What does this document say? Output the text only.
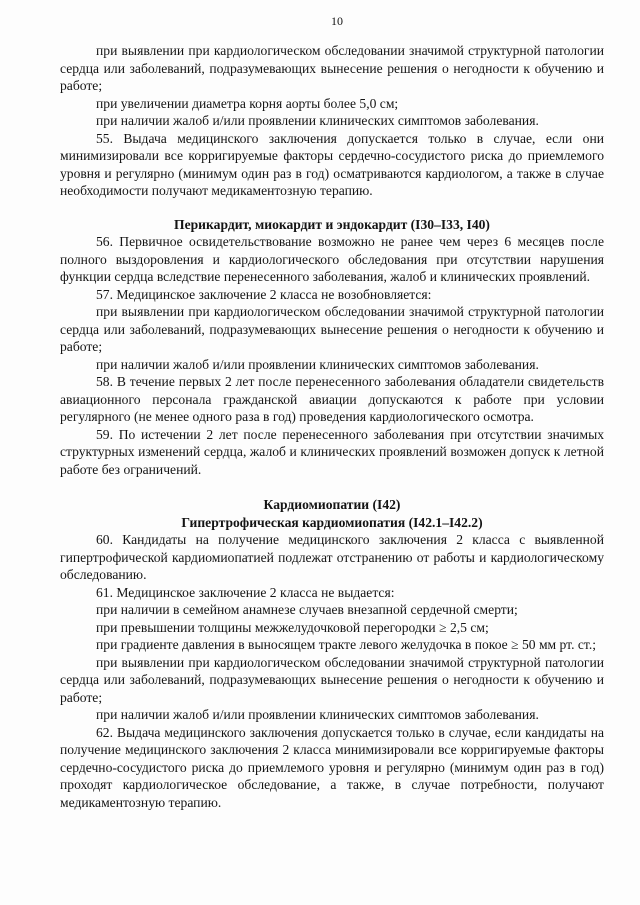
10

при выявлении при кардиологическом обследовании значимой структурной патологии сердца или заболеваний, подразумевающих вынесение решения о негодности к обучению и работе;

при увеличении диаметра корня аорты более 5,0 см;

при наличии жалоб и/или проявлении клинических симптомов заболевания.

55. Выдача медицинского заключения допускается только в случае, если они минимизировали все корригируемые факторы сердечно-сосудистого риска до приемлемого уровня и регулярно (минимум один раз в год) осматриваются кардиологом, а также в случае необходимости получают медикаментозную терапию.

Перикардит, миокардит и эндокардит (I30–I33, I40)

56. Первичное освидетельствование возможно не ранее чем через 6 месяцев после полного выздоровления и кардиологического обследования при отсутствии нарушения функции сердца вследствие перенесенного заболевания, жалоб и клинических проявлений.

57. Медицинское заключение 2 класса не возобновляется:

при выявлении при кардиологическом обследовании значимой структурной патологии сердца или заболеваний, подразумевающих вынесение решения о негодности к обучению и работе;

при наличии жалоб и/или проявлении клинических симптомов заболевания.

58. В течение первых 2 лет после перенесенного заболевания обладатели свидетельств авиационного персонала гражданской авиации допускаются к работе при условии регулярного (не менее одного раза в год) проведения кардиологического осмотра.

59. По истечении 2 лет после перенесенного заболевания при отсутствии значимых структурных изменений сердца, жалоб и клинических проявлений возможен допуск к летной работе без ограничений.

Кардиомиопатии (I42)

Гипертрофическая кардиомиопатия (I42.1–I42.2)

60. Кандидаты на получение медицинского заключения 2 класса с выявленной гипертрофической кардиомиопатией подлежат отстранению от работы и кардиологическому обследованию.

61. Медицинское заключение 2 класса не выдается:

при наличии в семейном анамнезе случаев внезапной сердечной смерти;

при превышении толщины межжелудочковой перегородки ≥ 2,5 см;

при градиенте давления в выносящем тракте левого желудочка в покое ≥ 50 мм рт. ст.;

при выявлении при кардиологическом обследовании значимой структурной патологии сердца или заболеваний, подразумевающих вынесение решения о негодности к обучению и работе;

при наличии жалоб и/или проявлении клинических симптомов заболевания.

62. Выдача медицинского заключения допускается только в случае, если кандидаты на получение медицинского заключения 2 класса минимизировали все корригируемые факторы сердечно-сосудистого риска до приемлемого уровня и регулярно (минимум один раз в год) проходят кардиологическое обследование, а также, в случае потребности, получают медикаментозную терапию.
